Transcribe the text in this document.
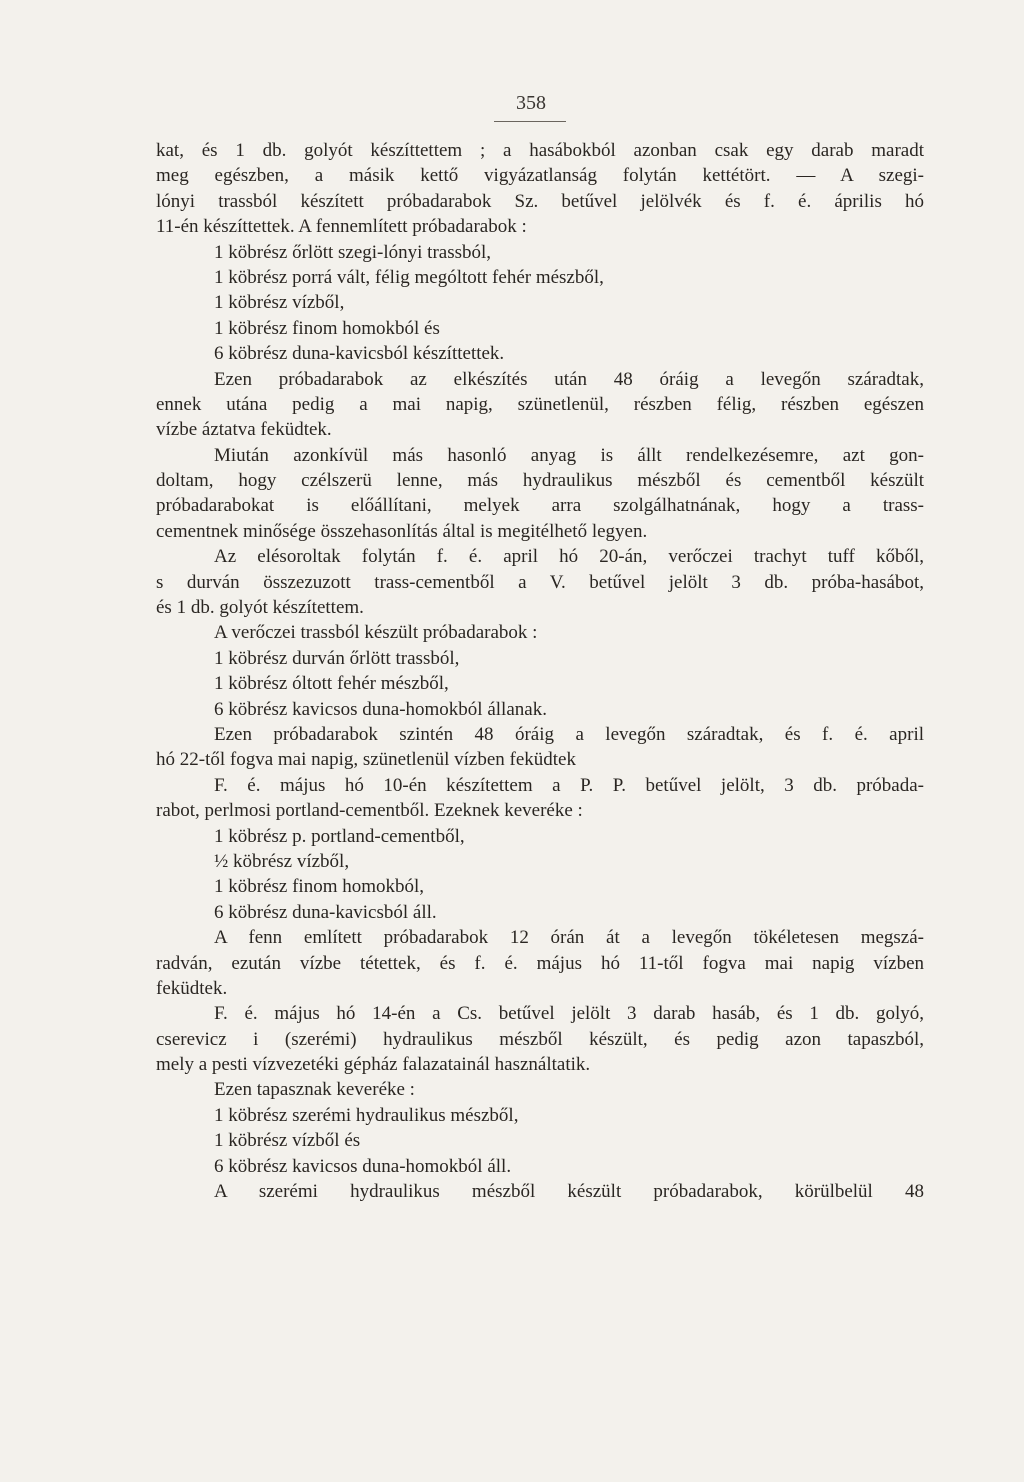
358
kat, és 1 db. golyót készíttettem ; a hasábokból azonban csak egy darab maradt
meg egészben, a másik kettő vigyázatlanság folytán kettétört. — A szegi-
lónyi trassból készített próbadarabok Sz. betűvel jelölvék és f. é. április hó
11-én készíttettek. A fennemlített próbadarabok :
1 köbrész őrlött szegi-lónyi trassból,
1 köbrész porrá vált, félig mególtott fehér mészből,
1 köbrész vízből,
1 köbrész finom homokból és
6 köbrész duna-kavicsból készíttettek.
Ezen próbadarabok az elkészítés után 48 óráig a levegőn száradtak,
ennek utána pedig a mai napig, szünetlenül, részben félig, részben egészen
vízbe áztatva feküdtek.
Miután azonkívül más hasonló anyag is állt rendelkezésemre, azt gon-
doltam, hogy czélszerü lenne, más hydraulikus mészből és cementből készült
próbadarabokat is előállítani, melyek arra szolgálhatnának, hogy a trass-
cementnek minősége összehasonlítás által is megitélhető legyen.
Az elésoroltak folytán f. é. april hó 20-án, verőczei trachyt tuff kőből,
s durván összezuzott trass-cementből a V. betűvel jelölt 3 db. próba-hasábot,
és 1 db. golyót készítettem.
A verőczei trassból készült próbadarabok :
1 köbrész durván őrlött trassból,
1 köbrész óltott fehér mészből,
6 köbrész kavicsos duna-homokból állanak.
Ezen próbadarabok szintén 48 óráig a levegőn száradtak, és f. é. april
hó 22-től fogva mai napig, szünetlenül vízben feküdtek
F. é. május hó 10-én készítettem a P. P. betűvel jelölt, 3 db. próbada-
rabot, perlmosi portland-cementből. Ezeknek keveréke :
1 köbrész p. portland-cementből,
½ köbrész vízből,
1 köbrész finom homokból,
6 köbrész duna-kavicsból áll.
A fenn említett próbadarabok 12 órán át a levegőn tökéletesen megszá-
radván, ezután vízbe tétettek, és f. é. május hó 11-től fogva mai napig vízben
feküdtek.
F. é. május hó 14-én a Cs. betűvel jelölt 3 darab hasáb, és 1 db. golyó,
cserevicz i (szerémi) hydraulikus mészből készült, és pedig azon tapaszból,
mely a pesti vízvezetéki gépház falazatainál használtatik.
Ezen tapasznak keveréke :
1 köbrész szerémi hydraulikus mészből,
1 köbrész vízből és
6 köbrész kavicsos duna-homokból áll.
A szerémi hydraulikus mészből készült próbadarabok, körülbelül 48
